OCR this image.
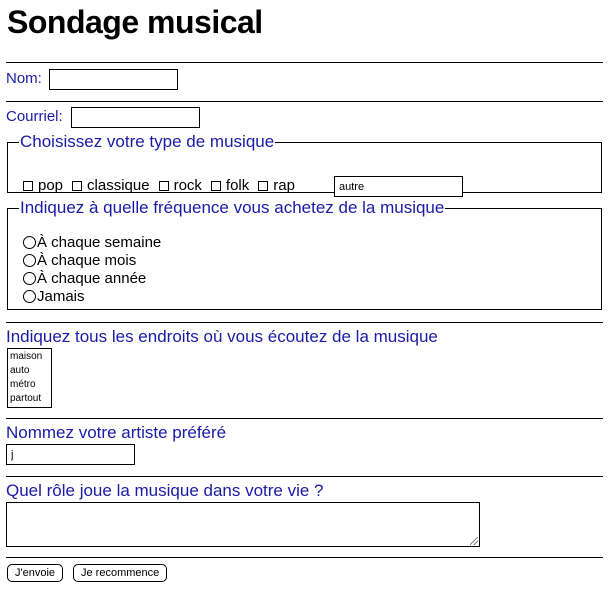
Sondage musical
Nom:
Courriel:
Choisissez votre type de musique
pop classique rock folk rap
autre
Indiquez à quelle fréquence vous achetez de la musique
À chaque semaine
À chaque mois
À chaque année
Jamais
Indiquez tous les endroits où vous écoutez de la musique
maison
auto
métro
partout
Nommez votre artiste préféré
j
Quel rôle joue la musique dans votre vie ?
J'envoie	Je recommence
